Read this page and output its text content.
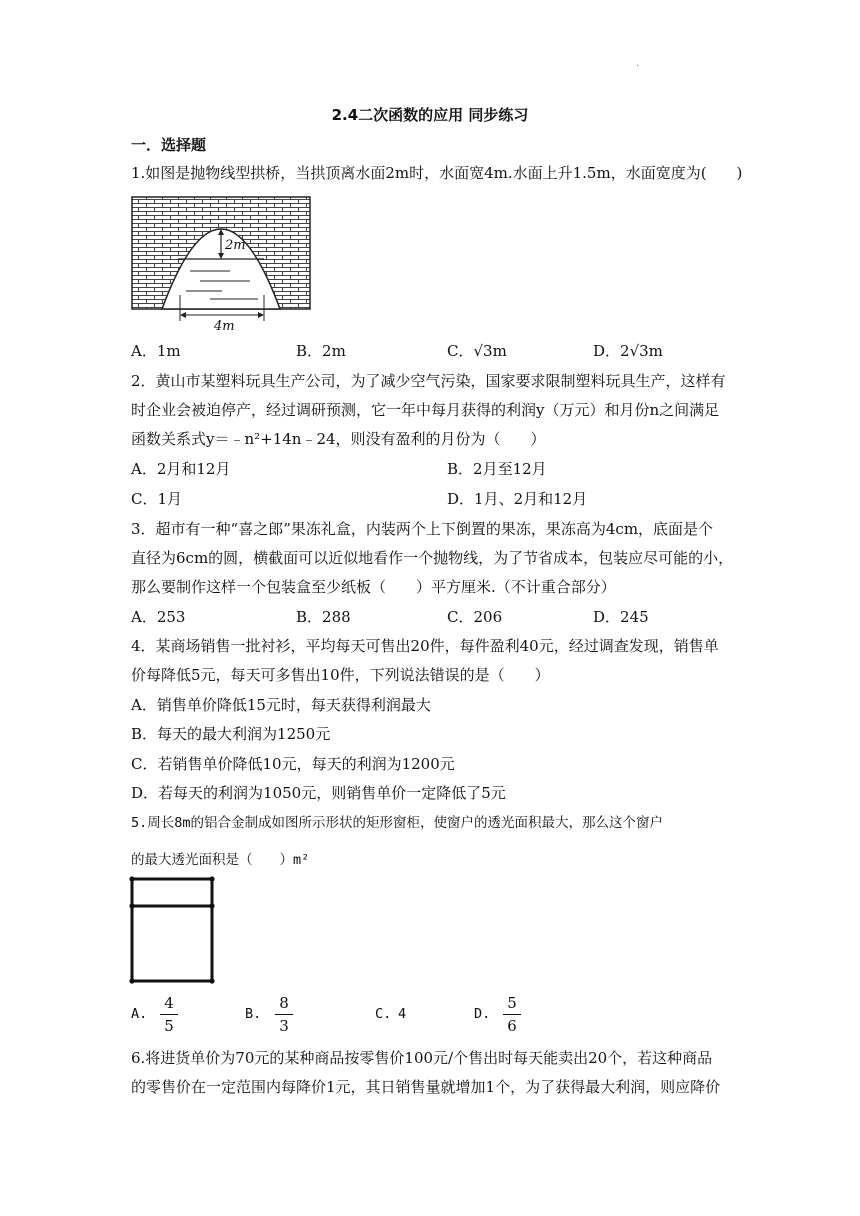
.
2.4二次函数的应用 同步练习
一．选择题
1.如图是抛物线型拱桥，当拱顶离水面2m时，水面宽4m.水面上升1.5m，水面宽度为(　　)
2m
4m
A．1m	B．2m	C．√3m	D．2√3m
2．黄山市某塑料玩具生产公司，为了减少空气污染，国家要求限制塑料玩具生产，这样有
时企业会被迫停产，经过调研预测，它一年中每月获得的利润y（万元）和月份n之间满足
函数关系式y＝﹣n²+14n﹣24，则没有盈利的月份为（　　）
A．2月和12月	B．2月至12月
C．1月	D．1月、2月和12月
3．超市有一种“喜之郎”果冻礼盒，内装两个上下倒置的果冻，果冻高为4cm，底面是个
直径为6cm的圆，横截面可以近似地看作一个抛物线，为了节省成本，包装应尽可能的小，
那么要制作这样一个包装盒至少纸板（　　）平方厘米.（不计重合部分）
A．253	B．288	C．206	D．245
4．某商场销售一批衬衫，平均每天可售出20件，每件盈利40元，经过调查发现，销售单
价每降低5元，每天可多售出10件，下列说法错误的是（　　）
A．销售单价降低15元时，每天获得利润最大
B．每天的最大利润为1250元
C．若销售单价降低10元，每天的利润为1200元
D．若每天的利润为1050元，则销售单价一定降低了5元
5.周长8m的铝合金制成如图所示形状的矩形窗柜，使窗户的透光面积最大，那么这个窗户
的最大透光面积是（　　）m²
A.
4
5
B.
8
3
C. 4	D.
5
6
6.将进货单价为70元的某种商品按零售价100元/个售出时每天能卖出20个，若这种商品
的零售价在一定范围内每降价1元，其日销售量就增加1个，为了获得最大利润，则应降价
